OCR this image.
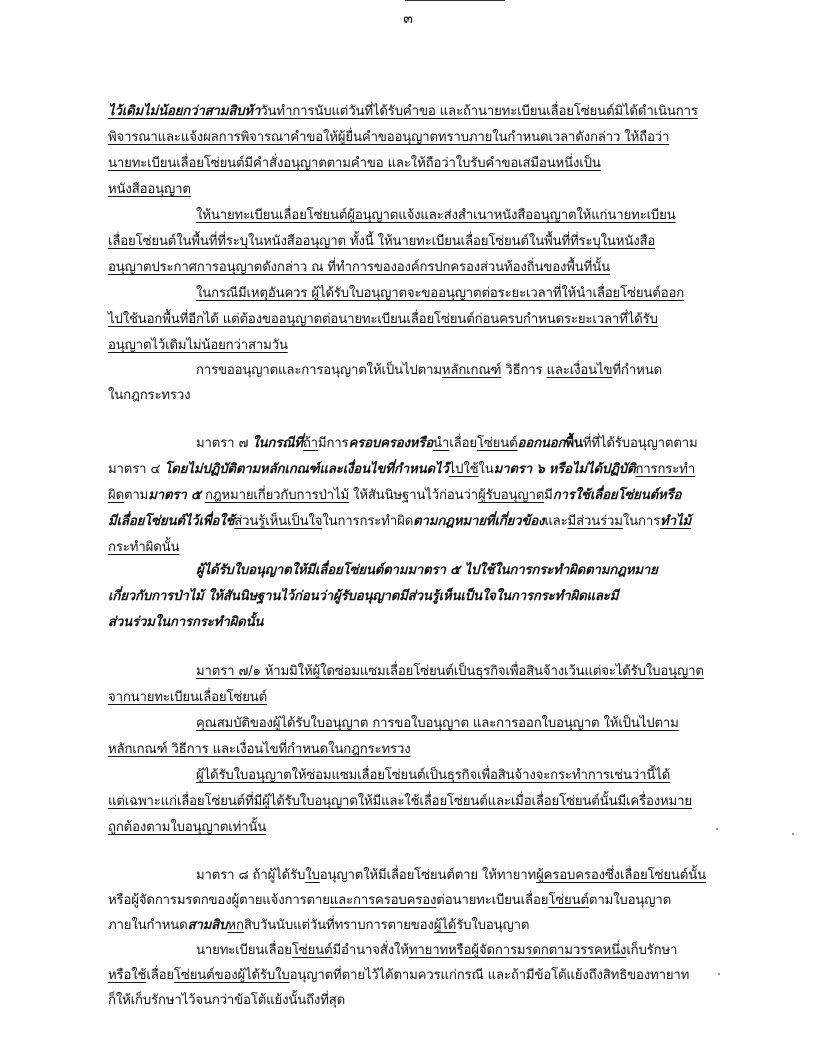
๓
ไว้เดิมไม่น้อยกว่าสามสิบห้าวันทำการนับแต่วันที่ได้รับคำขอ และถ้านายทะเบียนเลื่อยโซ่ยนต์มิได้ดำเนินการ
พิจารณาและแจ้งผลการพิจารณาคำขอให้ผู้ยื่นคำขออนุญาตทราบภายในกำหนดเวลาดังกล่าว ให้ถือว่า
นายทะเบียนเลื่อยโซ่ยนต์มีคำสั่งอนุญาตตามคำขอ และให้ถือว่าใบรับคำขอเสมือนหนึ่งเป็น
หนังสืออนุญาต
ให้นายทะเบียนเลื่อยโซ่ยนต์ผู้อนุญาตแจ้งและส่งสำเนาหนังสืออนุญาตให้แก่นายทะเบียน
เลื่อยโซ่ยนต์ในพื้นที่ที่ระบุในหนังสืออนุญาต ทั้งนี้ ให้นายทะเบียนเลื่อยโซ่ยนต์ในพื้นที่ที่ระบุในหนังสือ
อนุญาตประกาศการอนุญาตดังกล่าว ณ ที่ทำการขององค์กรปกครองส่วนท้องถิ่นของพื้นที่นั้น
ในกรณีมีเหตุอันควร ผู้ได้รับใบอนุญาตจะขออนุญาตต่อระยะเวลาที่ให้นำเลื่อยโซ่ยนต์ออก
ไปใช้นอกพื้นที่อีกได้ แต่ต้องขออนุญาตต่อนายทะเบียนเลื่อยโซ่ยนต์ก่อนครบกำหนดระยะเวลาที่ได้รับ
อนุญาตไว้เดิมไม่น้อยกว่าสามวัน
การขออนุญาตและการอนุญาตให้เป็นไปตามหลักเกณฑ์ วิธีการ และเงื่อนไขที่กำหนด
ในกฎกระทรวง
มาตรา ๗ ในกรณีที่ถ้ามีการครอบครองหรือนำเลื่อยโซ่ยนต์ออกนอกพื้นที่ที่ได้รับอนุญาตตาม
มาตรา ๔ โดยไม่ปฏิบัติตามหลักเกณฑ์และเงื่อนไขที่กำหนดไว้ไปใช้ในมาตรา ๖ หรือไม่ได้ปฏิบัติการกระทำ
ผิดตามมาตรา ๕ กฎหมายเกี่ยวกับการป่าไม้ ให้สันนิษฐานไว้ก่อนว่าผู้รับอนุญาตมีการใช้เลื่อยโซ่ยนต์หรือ
มีเลื่อยโซ่ยนต์ไว้เพื่อใช้ส่วนรู้เห็นเป็นใจในการกระทำผิดตามกฎหมายที่เกี่ยวข้องและมีส่วนร่วมในการทำไม้
กระทำผิดนั้น
ผู้ได้รับใบอนุญาตให้มีเลื่อยโซ่ยนต์ตามมาตรา ๕ ไปใช้ในการกระทำผิดตามกฎหมาย
เกี่ยวกับการป่าไม้ ให้สันนิษฐานไว้ก่อนว่าผู้รับอนุญาตมีส่วนรู้เห็นเป็นใจในการกระทำผิดและมี
ส่วนร่วมในการกระทำผิดนั้น
มาตรา ๗/๑ ห้ามมิให้ผู้ใดซ่อมแซมเลื่อยโซ่ยนต์เป็นธุรกิจเพื่อสินจ้างเว้นแต่จะได้รับใบอนุญาต
จากนายทะเบียนเลื่อยโซ่ยนต์
คุณสมบัติของผู้ได้รับใบอนุญาต การขอใบอนุญาต และการออกใบอนุญาต ให้เป็นไปตาม
หลักเกณฑ์ วิธีการ และเงื่อนไขที่กำหนดในกฎกระทรวง
ผู้ได้รับใบอนุญาตให้ซ่อมแซมเลื่อยโซ่ยนต์เป็นธุรกิจเพื่อสินจ้างจะกระทำการเช่นว่านี้ได้
แต่เฉพาะแก่เลื่อยโซ่ยนต์ที่มีผู้ได้รับใบอนุญาตให้มีและใช้เลื่อยโซ่ยนต์และเมื่อเลื่อยโซ่ยนต์นั้นมีเครื่องหมาย
ถูกต้องตามใบอนุญาตเท่านั้น
มาตรา ๘ ถ้าผู้ได้รับใบอนุญาตให้มีเลื่อยโซ่ยนต์ตาย ให้ทายาทผู้ครอบครองซึ่งเลื่อยโซ่ยนต์นั้น
หรือผู้จัดการมรดกของผู้ตายแจ้งการตายและการครอบครองต่อนายทะเบียนเลื่อยโซ่ยนต์ตามใบอนุญาต
ภายในกำหนดสามสิบหกสิบวันนับแต่วันที่ทราบการตายของผู้ได้รับใบอนุญาต
นายทะเบียนเลื่อยโซ่ยนต์มีอำนาจสั่งให้ทายาทหรือผู้จัดการมรดกตามวรรคหนึ่งเก็บรักษา
หรือใช้เลื่อยโซ่ยนต์ของผู้ได้รับใบอนุญาตที่ตายไว้ได้ตามควรแก่กรณี และถ้ามีข้อโต้แย้งถึงสิทธิของทายาท
ก็ให้เก็บรักษาไว้จนกว่าข้อโต้แย้งนั้นถึงที่สุด
